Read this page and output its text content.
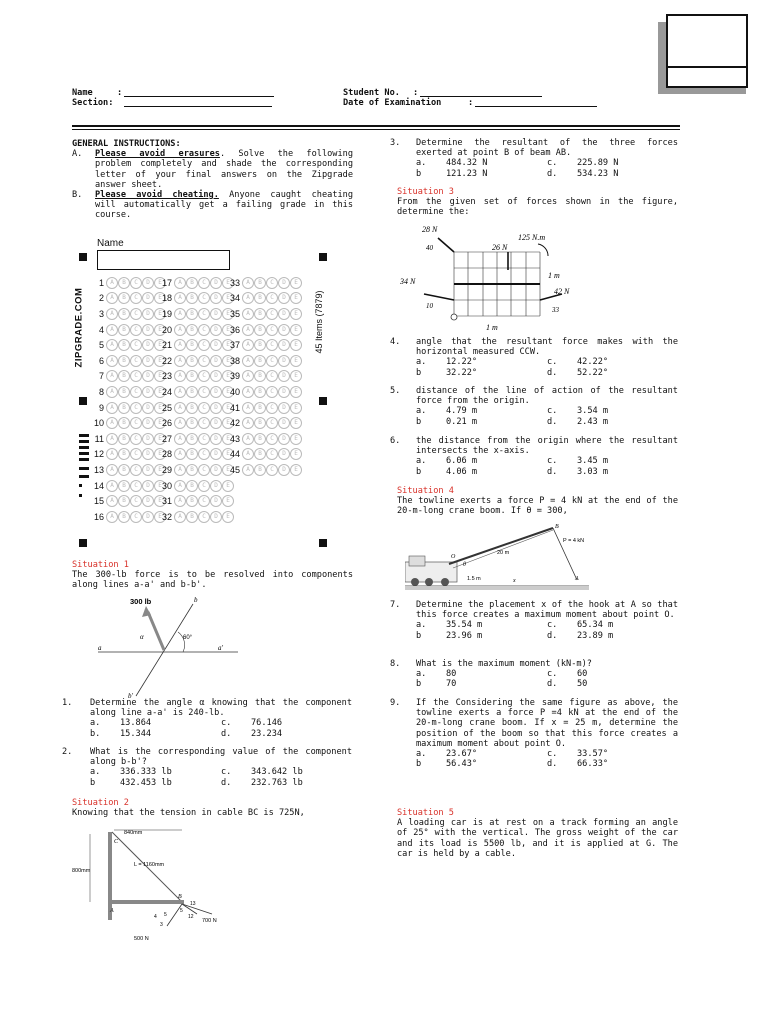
Name	:
Section:
Student No. :
Date of Examination	:
GENERAL INSTRUCTIONS:
A.	Please avoid erasures. Solve the following problem completely and shade the corresponding letter of your final answers on the Zipgrade answer sheet.
B.	Please avoid cheating. Anyone caught cheating will automatically get a failing grade in this course.
Name
ZIPGRADE.COM	45 Items (7879)
1	A	B	C	D	E
2	A	B	C	D	E
3	A	B	C	D	E
4	A	B	C	D	E
5	A	B	C	D	E
6	A	B	C	D	E
7	A	B	C	D	E
8	A	B	C	D	E
9	A	B	C	D	E
10	A	B	C	D	E
11	A	B	C	D	E
12	A	B	C	D	E
13	A	B	C	D	E
14	A	B	C	D	E
15	A	B	C	D	E
16	A	B	C	D	E
17	A	B	C	D	E
18	A	B	C	D	E
19	A	B	C	D	E
20	A	B	C	D	E
21	A	B	C	D	E
22	A	B	C	D	E
23	A	B	C	D	E
24	A	B	C	D	E
25	A	B	C	D	E
26	A	B	C	D	E
27	A	B	C	D	E
28	A	B	C	D	E
29	A	B	C	D	E
30	A	B	C	D	E
31	A	B	C	D	E
32	A	B	C	D	E
33	A	B	C	D	E
34	A	B	C	D	E
35	A	B	C	D	E
36	A	B	C	D	E
37	A	B	C	D	E
38	A	B	C	D	E
39	A	B	C	D	E
40	A	B	C	D	E
41	A	B	C	D	E
42	A	B	C	D	E
43	A	B	C	D	E
44	A	B	C	D	E
45	A	B	C	D	E
Situation 1
The 300-lb force is to be resolved into components along lines a-a' and b-b'.
300 lb	b
b'
a	a'
α	60°
1.	Determine the angle α knowing that the component along line a-a' is 240-lb.
a.	13.864	c.	76.146
b.	15.344	d.	23.234
2.	What is the corresponding value of the component along b-b'?
a.	336.333 lb	c.	343.642 lb
b	432.453 lb	d.	232.763 lb
Situation 2
Knowing that the tension in cable BC is 725N,
840mm
L = 1160mm
800mm
C
A
B
500 N
700 N
3
4 5
13
12
5
3.	Determine the resultant of the three forces exerted at point B of beam AB.
a.	484.32 N	c.	225.89 N
b	121.23 N	d.	534.23 N
Situation 3
From the given set of forces shown in the figure, determine the:
28 N
40	26 N
125 N.m
34 N
10
42 N
33
1 m
1 m
4.	angle that the resultant force makes with the horizontal measured CCW.
a.	12.22°	c.	42.22°
b	32.22°	d.	52.22°
5.	distance of the line of action of the resultant force from the origin.
a.	4.79 m	c.	3.54 m
b	0.21 m	d.	2.43 m
6.	the distance from the origin where the resultant intersects the x-axis.
a.	6.06 m	c.	3.45 m
b	4.06 m	d.	3.03 m
Situation 4
The towline exerts a force P = 4 kN at the end of the 20-m-long crane boom. If θ = 300,
B
P = 4 kN
20 m
O
1.5 m	A
x
θ
7.	Determine the placement x of the hook at A so that this force creates a maximum moment about point O.
a.	35.54 m	c.	65.34 m
b	23.96 m	d.	23.89 m
8.	What is the maximum moment (kN-m)?
a.	80	c.	60
b	70	d.	50
9.	If the Considering the same figure as above, the towline exerts a force P =4 kN at the end of the 20-m-long crane boom. If x = 25 m, determine the position of the boom so that this force creates a maximum moment about point O.
a.	23.67°	c.	33.57°
b	56.43°	d.	66.33°
Situation 5
A loading car is at rest on a track forming an angle of 25° with the vertical. The gross weight of the car and its load is 5500 lb, and it is applied at G. The car is held by a cable.
